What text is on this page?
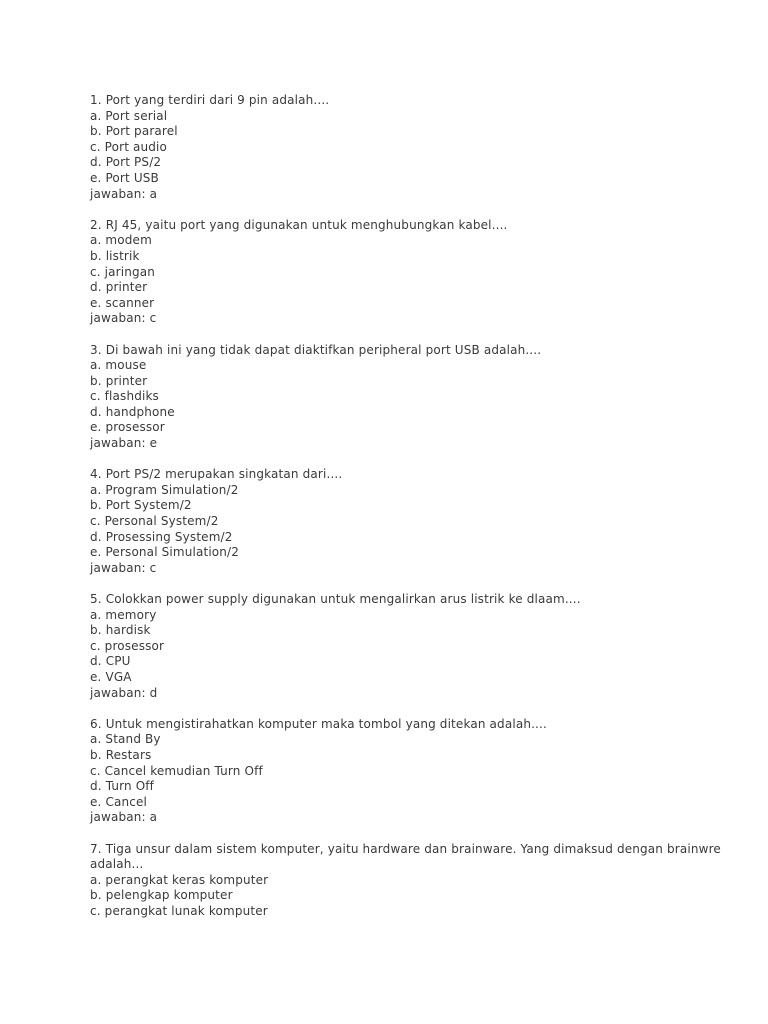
1. Port yang terdiri dari 9 pin adalah....
a. Port serial
b. Port pararel
c. Port audio
d. Port PS/2
e. Port USB
jawaban: a
2. RJ 45, yaitu port yang digunakan untuk menghubungkan kabel....
a. modem
b. listrik
c. jaringan
d. printer
e. scanner
jawaban: c
3. Di bawah ini yang tidak dapat diaktifkan peripheral port USB adalah....
a. mouse
b. printer
c. flashdiks
d. handphone
e. prosessor
jawaban: e
4. Port PS/2 merupakan singkatan dari....
a. Program Simulation/2
b. Port System/2
c. Personal System/2
d. Prosessing System/2
e. Personal Simulation/2
jawaban: c
5. Colokkan power supply digunakan untuk mengalirkan arus listrik ke dlaam....
a. memory
b. hardisk
c. prosessor
d. CPU
e. VGA
jawaban: d
6. Untuk mengistirahatkan komputer maka tombol yang ditekan adalah....
a. Stand By
b. Restars
c. Cancel kemudian Turn Off
d. Turn Off
e. Cancel
jawaban: a
7. Tiga unsur dalam sistem komputer, yaitu hardware dan brainware. Yang dimaksud dengan brainwre adalah...
a. perangkat keras komputer
b. pelengkap komputer
c. perangkat lunak komputer
